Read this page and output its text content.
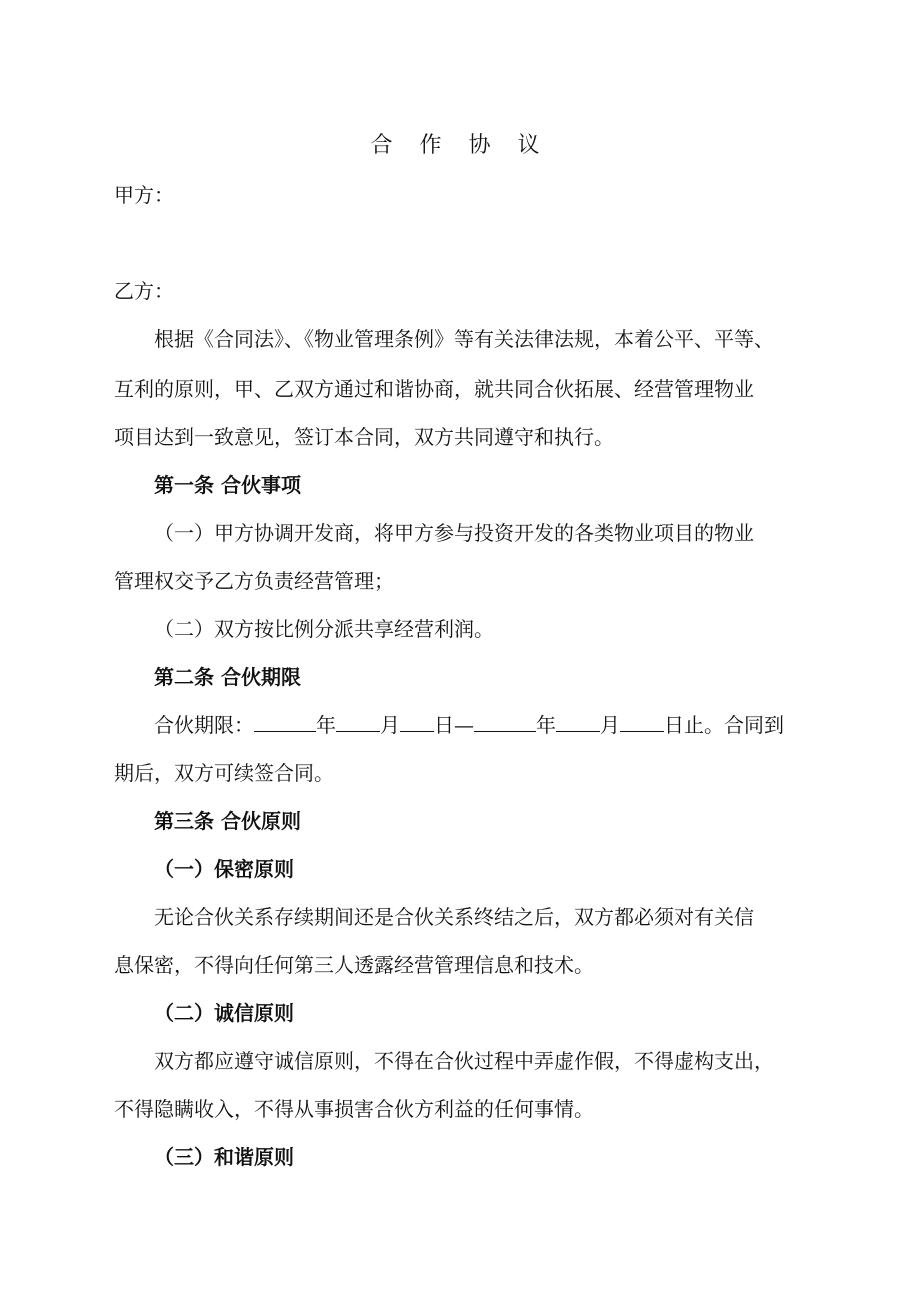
合 作 协 议
甲方：
乙方：
根据《合同法》、《物业管理条例》等有关法律法规，本着公平、平等、
互利的原则，甲、乙双方通过和谐协商，就共同合伙拓展、经营管理物业
项目达到一致意见，签订本合同，双方共同遵守和执行。
第一条 合伙事项
（一）甲方协调开发商，将甲方参与投资开发的各类物业项目的物业
管理权交予乙方负责经营管理；
（二）双方按比例分派共享经营利润。
第二条 合伙期限
合伙期限：	年 月 日—	年 月 日止。合同到
期后，双方可续签合同。
第三条 合伙原则
（一）保密原则
无论合伙关系存续期间还是合伙关系终结之后，双方都必须对有关信
息保密，不得向任何第三人透露经营管理信息和技术。
（二）诚信原则
双方都应遵守诚信原则，不得在合伙过程中弄虚作假，不得虚构支出，
不得隐瞒收入，不得从事损害合伙方利益的任何事情。
（三）和谐原则
